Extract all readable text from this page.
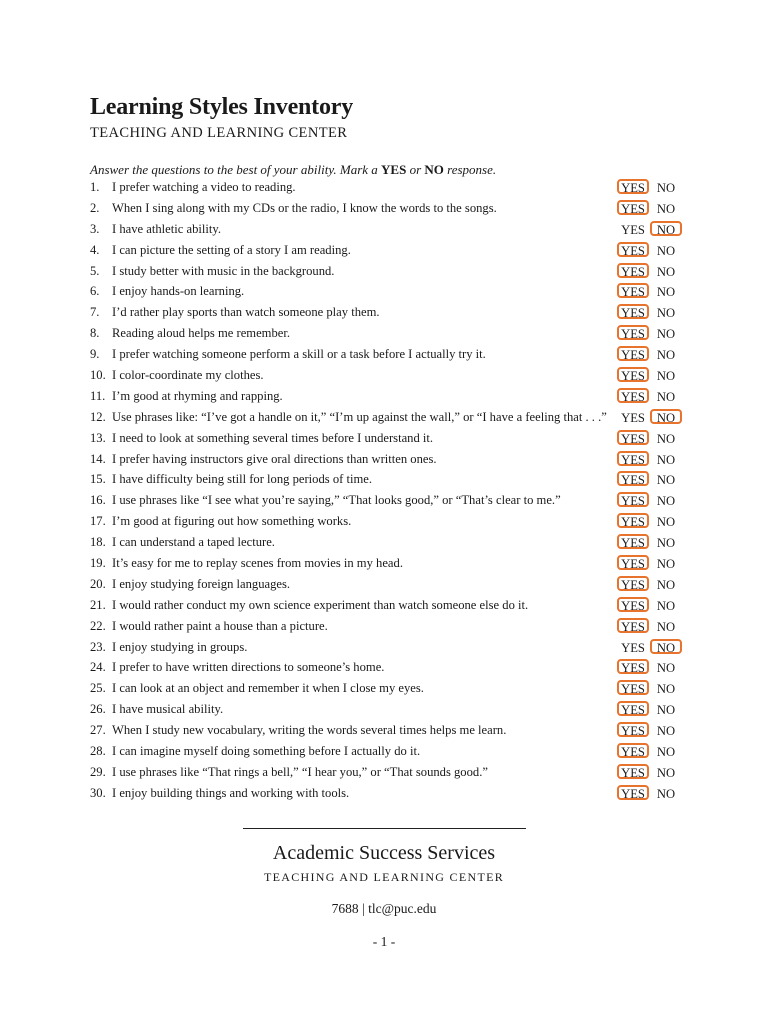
Learning Styles Inventory
TEACHING AND LEARNING CENTER
Answer the questions to the best of your ability. Mark a YES or NO response.
1. I prefer watching a video to reading.	YES NO
2. When I sing along with my CDs or the radio, I know the words to the songs.	YES NO
3. I have athletic ability.	YES NO
4. I can picture the setting of a story I am reading.	YES NO
5. I study better with music in the background.	YES NO
6. I enjoy hands-on learning.	YES NO
7. I’d rather play sports than watch someone play them.	YES NO
8. Reading aloud helps me remember.	YES NO
9. I prefer watching someone perform a skill or a task before I actually try it.	YES NO
10. I color-coordinate my clothes.	YES NO
11. I’m good at rhyming and rapping.	YES NO
12. Use phrases like: “I’ve got a handle on it,” “I’m up against the wall,” or “I have a feeling that . . .”	YES NO
13. I need to look at something several times before I understand it.	YES NO
14. I prefer having instructors give oral directions than written ones.	YES NO
15. I have difficulty being still for long periods of time.	YES NO
16. I use phrases like “I see what you’re saying,” “That looks good,” or “That’s clear to me.”	YES NO
17. I’m good at figuring out how something works.	YES NO
18. I can understand a taped lecture.	YES NO
19. It’s easy for me to replay scenes from movies in my head.	YES NO
20. I enjoy studying foreign languages.	YES NO
21. I would rather conduct my own science experiment than watch someone else do it.	YES NO
22. I would rather paint a house than a picture.	YES NO
23. I enjoy studying in groups.	YES NO
24. I prefer to have written directions to someone’s home.	YES NO
25. I can look at an object and remember it when I close my eyes.	YES NO
26. I have musical ability.	YES NO
27. When I study new vocabulary, writing the words several times helps me learn.	YES NO
28. I can imagine myself doing something before I actually do it.	YES NO
29. I use phrases like “That rings a bell,” “I hear you,” or “That sounds good.”	YES NO
30. I enjoy building things and working with tools.	YES NO
Academic Success Services
TEACHING AND LEARNING CENTER
7688 | tlc@puc.edu
- 1 -
